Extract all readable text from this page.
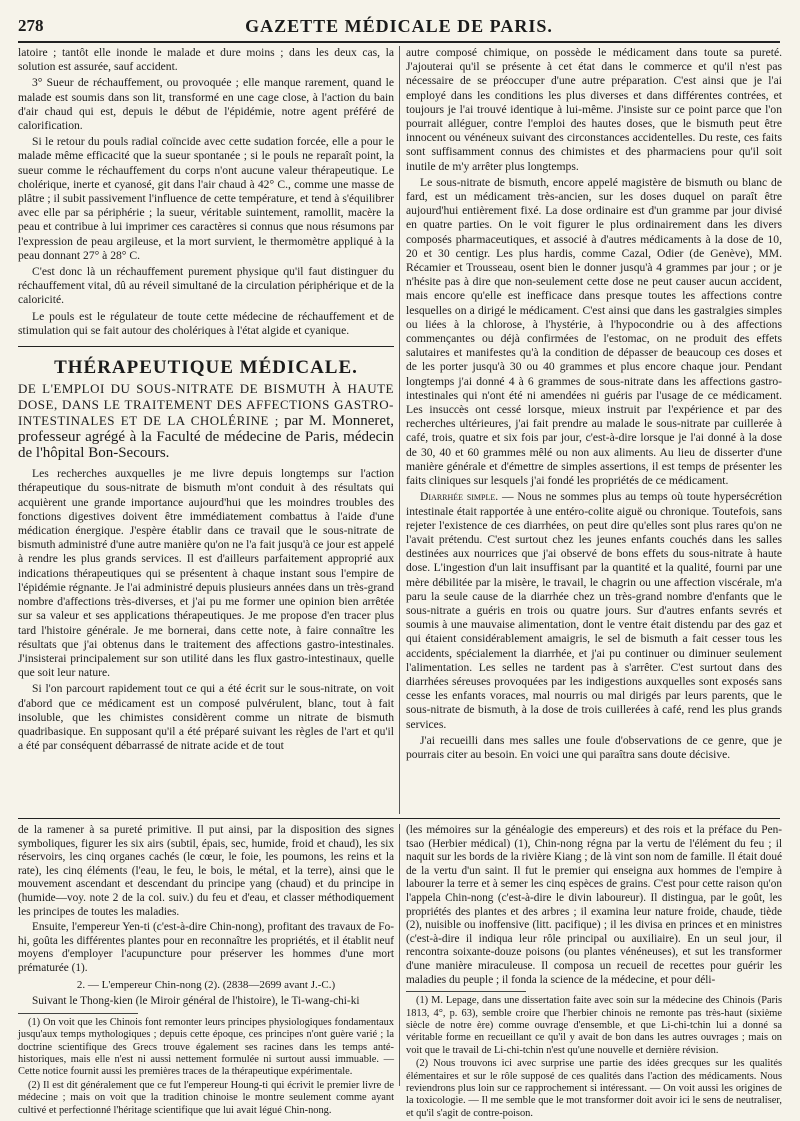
278	GAZETTE MÉDICALE DE PARIS.

latoire ; tantôt elle inonde le malade et dure moins ; dans les deux cas, la solution est assurée, sauf accident.

3° Sueur de réchauffement, ou provoquée ; elle manque rarement, quand le malade est soumis dans son lit, transformé en une cage close, à l'action du bain d'air chaud qui est, depuis le début de l'épidémie, notre agent préféré de calorification.

Si le retour du pouls radial coïncide avec cette sudation forcée, elle a pour le malade même efficacité que la sueur spontanée ; si le pouls ne reparaît point, la sueur comme le réchauffement du corps n'ont aucune valeur thérapeutique. Le cholérique, inerte et cyanosé, git dans l'air chaud à 42° C., comme une masse de plâtre ; il subit passivement l'influence de cette température, et tend à s'équilibrer avec elle par sa périphérie ; la sueur, véritable suintement, ramollit, macère la peau et contribue à lui imprimer ces caractères si connus que nous résumons par l'expression de peau argileuse, et la mort survient, le thermomètre appliqué à la peau donnant 27° à 28° C.

C'est donc là un réchauffement purement physique qu'il faut distinguer du réchauffement vital, dû au réveil simultané de la circulation périphérique et de la caloricité.

Le pouls est le régulateur de toute cette médecine de réchauffement et de stimulation qui se fait autour des cholériques à l'état algide et cyanique.

THÉRAPEUTIQUE MÉDICALE.
DE L'EMPLOI DU SOUS-NITRATE DE BISMUTH À HAUTE DOSE, DANS LE TRAITEMENT DES AFFECTIONS GASTRO-INTESTINALES ET DE LA CHOLÉRINE ; par M. Monneret, professeur agrégé à la Faculté de médecine de Paris, médecin de l'hôpital Bon-Secours.

Les recherches auxquelles je me livre depuis longtemps sur l'action thérapeutique du sous-nitrate de bismuth m'ont conduit à des résultats qui acquièrent une grande importance aujourd'hui que les moindres troubles des fonctions digestives doivent être immédiatement combattus à l'aide d'une médication énergique. J'espère établir dans ce travail que le sous-nitrate de bismuth administré d'une autre manière qu'on ne l'a fait jusqu'à ce jour est appelé à rendre les plus grands services. Il est d'ailleurs parfaitement approprié aux indications thérapeutiques qui se présentent à chaque instant sous l'empire de l'épidémie régnante. Je l'ai administré depuis plusieurs années dans un très-grand nombre d'affections très-diverses, et j'ai pu me former une opinion bien arrêtée sur sa valeur et ses applications thérapeutiques. Je me propose d'en tracer plus tard l'histoire générale. Je me bornerai, dans cette note, à faire connaître les résultats que j'ai obtenus dans le traitement des affections gastro-intestinales. J'insisterai principalement sur son utilité dans les flux gastro-intestinaux, quelle que soit leur nature.

Si l'on parcourt rapidement tout ce qui a été écrit sur le sous-nitrate, on voit d'abord que ce médicament est un composé pulvérulent, blanc, tout à fait insoluble, que les chimistes considèrent comme un nitrate de bismuth quadribasique. En supposant qu'il a été préparé suivant les règles de l'art et qu'il a été par conséquent débarrassé de nitrate acide et de tout

autre composé chimique, on possède le médicament dans toute sa pureté. J'ajouterai qu'il se présente à cet état dans le commerce et qu'il n'est pas nécessaire de se préoccuper d'une autre préparation. C'est ainsi que je l'ai employé dans les conditions les plus diverses et dans différentes contrées, et toujours je l'ai trouvé identique à lui-même. J'insiste sur ce point parce que l'on pourrait alléguer, contre l'emploi des hautes doses, que le bismuth peut être innocent ou vénéneux suivant des circonstances accidentelles. Du reste, ces faits sont suffisamment connus des chimistes et des pharmaciens pour qu'il soit inutile de m'y arrêter plus longtemps.

Le sous-nitrate de bismuth, encore appelé magistère de bismuth ou blanc de fard, est un médicament très-ancien, sur les doses duquel on paraît être aujourd'hui entièrement fixé. La dose ordinaire est d'un gramme par jour divisé en quatre parties. On le voit figurer le plus ordinairement dans les divers composés pharmaceutiques, et associé à d'autres médicaments à la dose de 10, 20 et 30 centigr. Les plus hardis, comme Cazal, Odier (de Genève), MM. Récamier et Trousseau, osent bien le donner jusqu'à 4 grammes par jour ; or je n'hésite pas à dire que non-seulement cette dose ne peut causer aucun accident, mais encore qu'elle est inefficace dans presque toutes les affections contre lesquelles on a dirigé le médicament. C'est ainsi que dans les gastralgies simples ou liées à la chlorose, à l'hystérie, à l'hypocondrie ou à des affections commençantes ou déjà confirmées de l'estomac, on ne produit des effets salutaires et manifestes qu'à la condition de dépasser de beaucoup ces doses et de les porter jusqu'à 30 ou 40 grammes et plus encore chaque jour. Pendant longtemps j'ai donné 4 à 6 grammes de sous-nitrate dans les affections gastro-intestinales qui n'ont été ni amendées ni guéris par l'usage de ce médicament. Les insuccès ont cessé lorsque, mieux instruit par l'expérience et par des recherches ultérieures, j'ai fait prendre au malade le sous-nitrate par cuillerée à café, trois, quatre et six fois par jour, c'est-à-dire lorsque je l'ai donné à la dose de 30, 40 et 60 grammes mêlé ou non aux aliments. Au lieu de disserter d'une manière générale et d'émettre de simples assertions, il est temps de présenter les faits cliniques sur lesquels j'ai fondé les propriétés de ce médicament.

Diarrhée simple. — Nous ne sommes plus au temps où toute hypersécrétion intestinale était rapportée à une entéro-colite aiguë ou chronique. Toutefois, sans rejeter l'existence de ces diarrhées, on peut dire qu'elles sont plus rares qu'on ne l'avait prétendu. C'est surtout chez les jeunes enfants couchés dans les salles destinées aux nourrices que j'ai observé de bons effets du sous-nitrate à haute dose. L'ingestion d'un lait insuffisant par la quantité et la qualité, fourni par une mère débilitée par la misère, le travail, le chagrin ou une affection viscérale, m'a paru la seule cause de la diarrhée chez un très-grand nombre d'enfants que le sous-nitrate a guéris en trois ou quatre jours. Sur d'autres enfants sevrés et soumis à une mauvaise alimentation, dont le ventre était distendu par des gaz et qui étaient considérablement amaigris, le sel de bismuth a fait cesser tous les accidents, spécialement la diarrhée, et j'ai pu continuer ou diminuer seulement l'alimentation. Les selles ne tardent pas à s'arrêter. C'est surtout dans des diarrhées séreuses provoquées par les indigestions auxquelles sont exposés sans cesse les enfants voraces, mal nourris ou mal dirigés par leurs parents, que le sous-nitrate de bismuth, à la dose de trois cuillerées à café, rend les plus grands services.

J'ai recueilli dans mes salles une foule d'observations de ce genre, que je pourrais citer au besoin. En voici une qui paraîtra sans doute décisive.

de la ramener à sa pureté primitive. Il put ainsi, par la disposition des signes symboliques, figurer les six airs (subtil, épais, sec, humide, froid et chaud), les six réservoirs, les cinq organes cachés (le cœur, le foie, les poumons, les reins et la rate), les cinq éléments (l'eau, le feu, le bois, le métal, et la terre), ainsi que le mouvement ascendant et descendant du principe yang (chaud) et du principe in (humide—voy. note 2 de la col. suiv.) du feu et d'eau, et classer méthodiquement les principes de toutes les maladies.

Ensuite, l'empereur Yen-ti (c'est-à-dire Chin-nong), profitant des travaux de Fo-hi, goûta les différentes plantes pour en reconnaître les propriétés, et il établit neuf moyens d'employer l'acupuncture pour préserver les hommes d'une mort prématurée (1).

2. — L'empereur Chin-nong (2). (2838—2699 avant J.-C.)

Suivant le Thong-kien (le Miroir général de l'histoire), le Ti-wang-chi-ki

(1) On voit que les Chinois font remonter leurs principes physiologiques fondamentaux jusqu'aux temps mythologiques ; depuis cette époque, ces principes n'ont guère varié ; la doctrine scientifique des Grecs trouve également ses racines dans les temps anté-historiques, mais elle n'est ni aussi nettement formulée ni surtout aussi immuable. — Cette notice fournit aussi les premières traces de la thérapeutique expérimentale.

(2) Il est dit généralement que ce fut l'empereur Houng-ti qui écrivit le premier livre de médecine ; mais on voit que la tradition chinoise le montre seulement comme ayant cultivé et perfectionné l'héritage scientifique que lui avait légué Chin-nong.

(les mémoires sur la généalogie des empereurs) et des rois et la préface du Pen-tsao (Herbier médical) (1), Chin-nong régna par la vertu de l'élément du feu ; il naquit sur les bords de la rivière Kiang ; de là vint son nom de famille. Il était doué de la vertu d'un saint. Il fut le premier qui enseigna aux hommes de l'empire à labourer la terre et à semer les cinq espèces de grains. C'est pour cette raison qu'on l'appela Chin-nong (c'est-à-dire le divin laboureur). Il distingua, par le goût, les propriétés des plantes et des arbres ; il examina leur nature froide, chaude, tiède (2), nuisible ou inoffensive (litt. pacifique) ; il les divisa en princes et en ministres (c'est-à-dire il indiqua leur rôle principal ou auxiliaire). En un seul jour, il rencontra soixante-douze poisons (ou plantes vénéneuses), et sut les transformer d'une manière miraculeuse. Il composa un recueil de recettes pour guérir les maladies du peuple ; il fonda la science de la médecine, et pour déli-

(1) M. Lepage, dans une dissertation faite avec soin sur la médecine des Chinois (Paris 1813, 4°, p. 63), semble croire que l'herbier chinois ne remonte pas très-haut (sixième siècle de notre ère) comme ouvrage d'ensemble, et que Li-chi-tchin lui a donné sa véritable forme en recueillant ce qu'il y avait de bon dans les autres ouvrages ; mais on voit que le travail de Li-chi-tchin n'est qu'une nouvelle et dernière révision.

(2) Nous trouvons ici avec surprise une partie des idées grecques sur les qualités élémentaires et sur le rôle supposé de ces qualités dans l'action des médicaments. Nous reviendrons plus loin sur ce rapprochement si intéressant. — On voit aussi les origines de la toxicologie. — Il me semble que le mot transformer doit avoir ici le sens de neutraliser, et qu'il s'agit de contre-poison.
